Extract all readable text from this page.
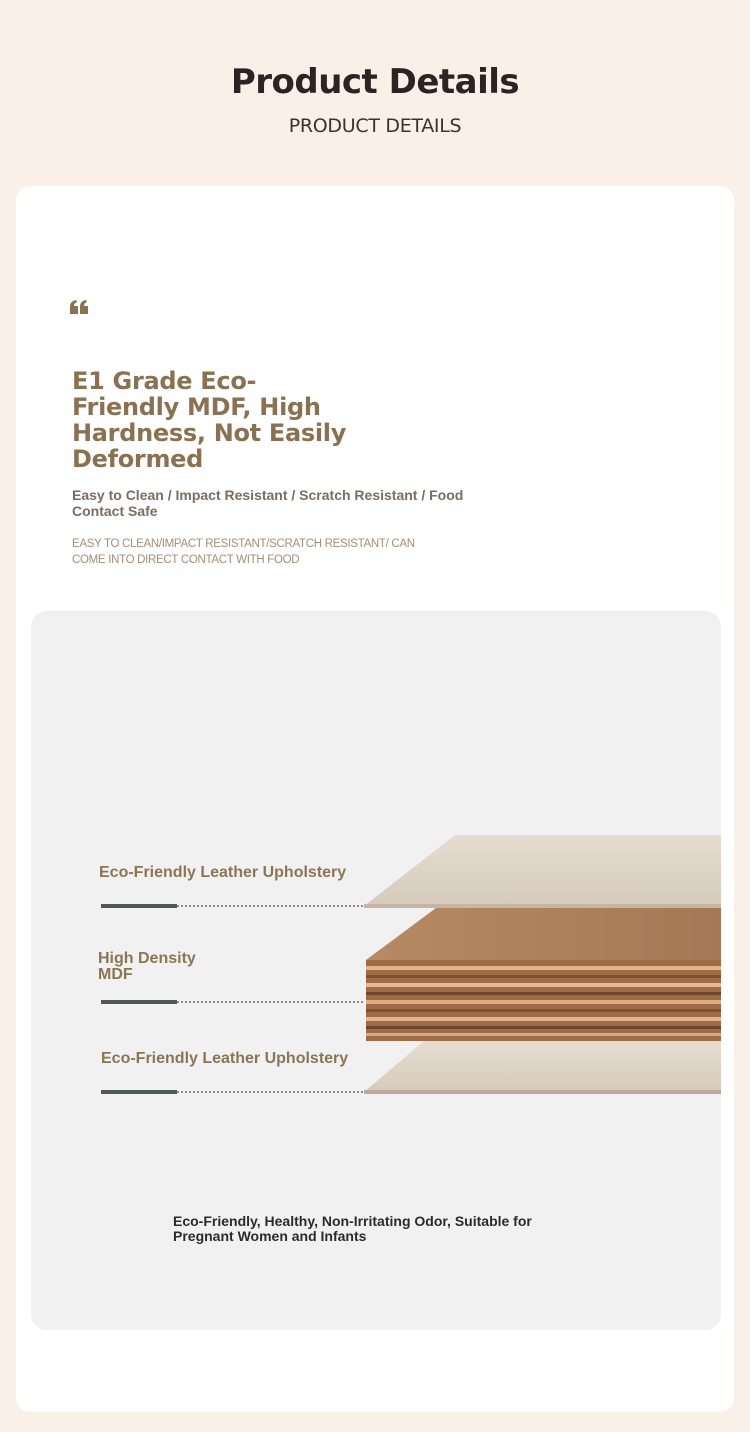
Product Details
PRODUCT DETAILS
E1 Grade Eco-Friendly MDF, High Hardness, Not Easily Deformed
Easy to Clean / Impact Resistant / Scratch Resistant / Food Contact Safe
EASY TO CLEAN/IMPACT RESISTANT/SCRATCH RESISTANT/ CAN COME INTO DIRECT CONTACT WITH FOOD
Eco-Friendly Leather Upholstery
High Density MDF
Eco-Friendly Leather Upholstery
Eco-Friendly, Healthy, Non-Irritating Odor, Suitable for Pregnant Women and Infants
